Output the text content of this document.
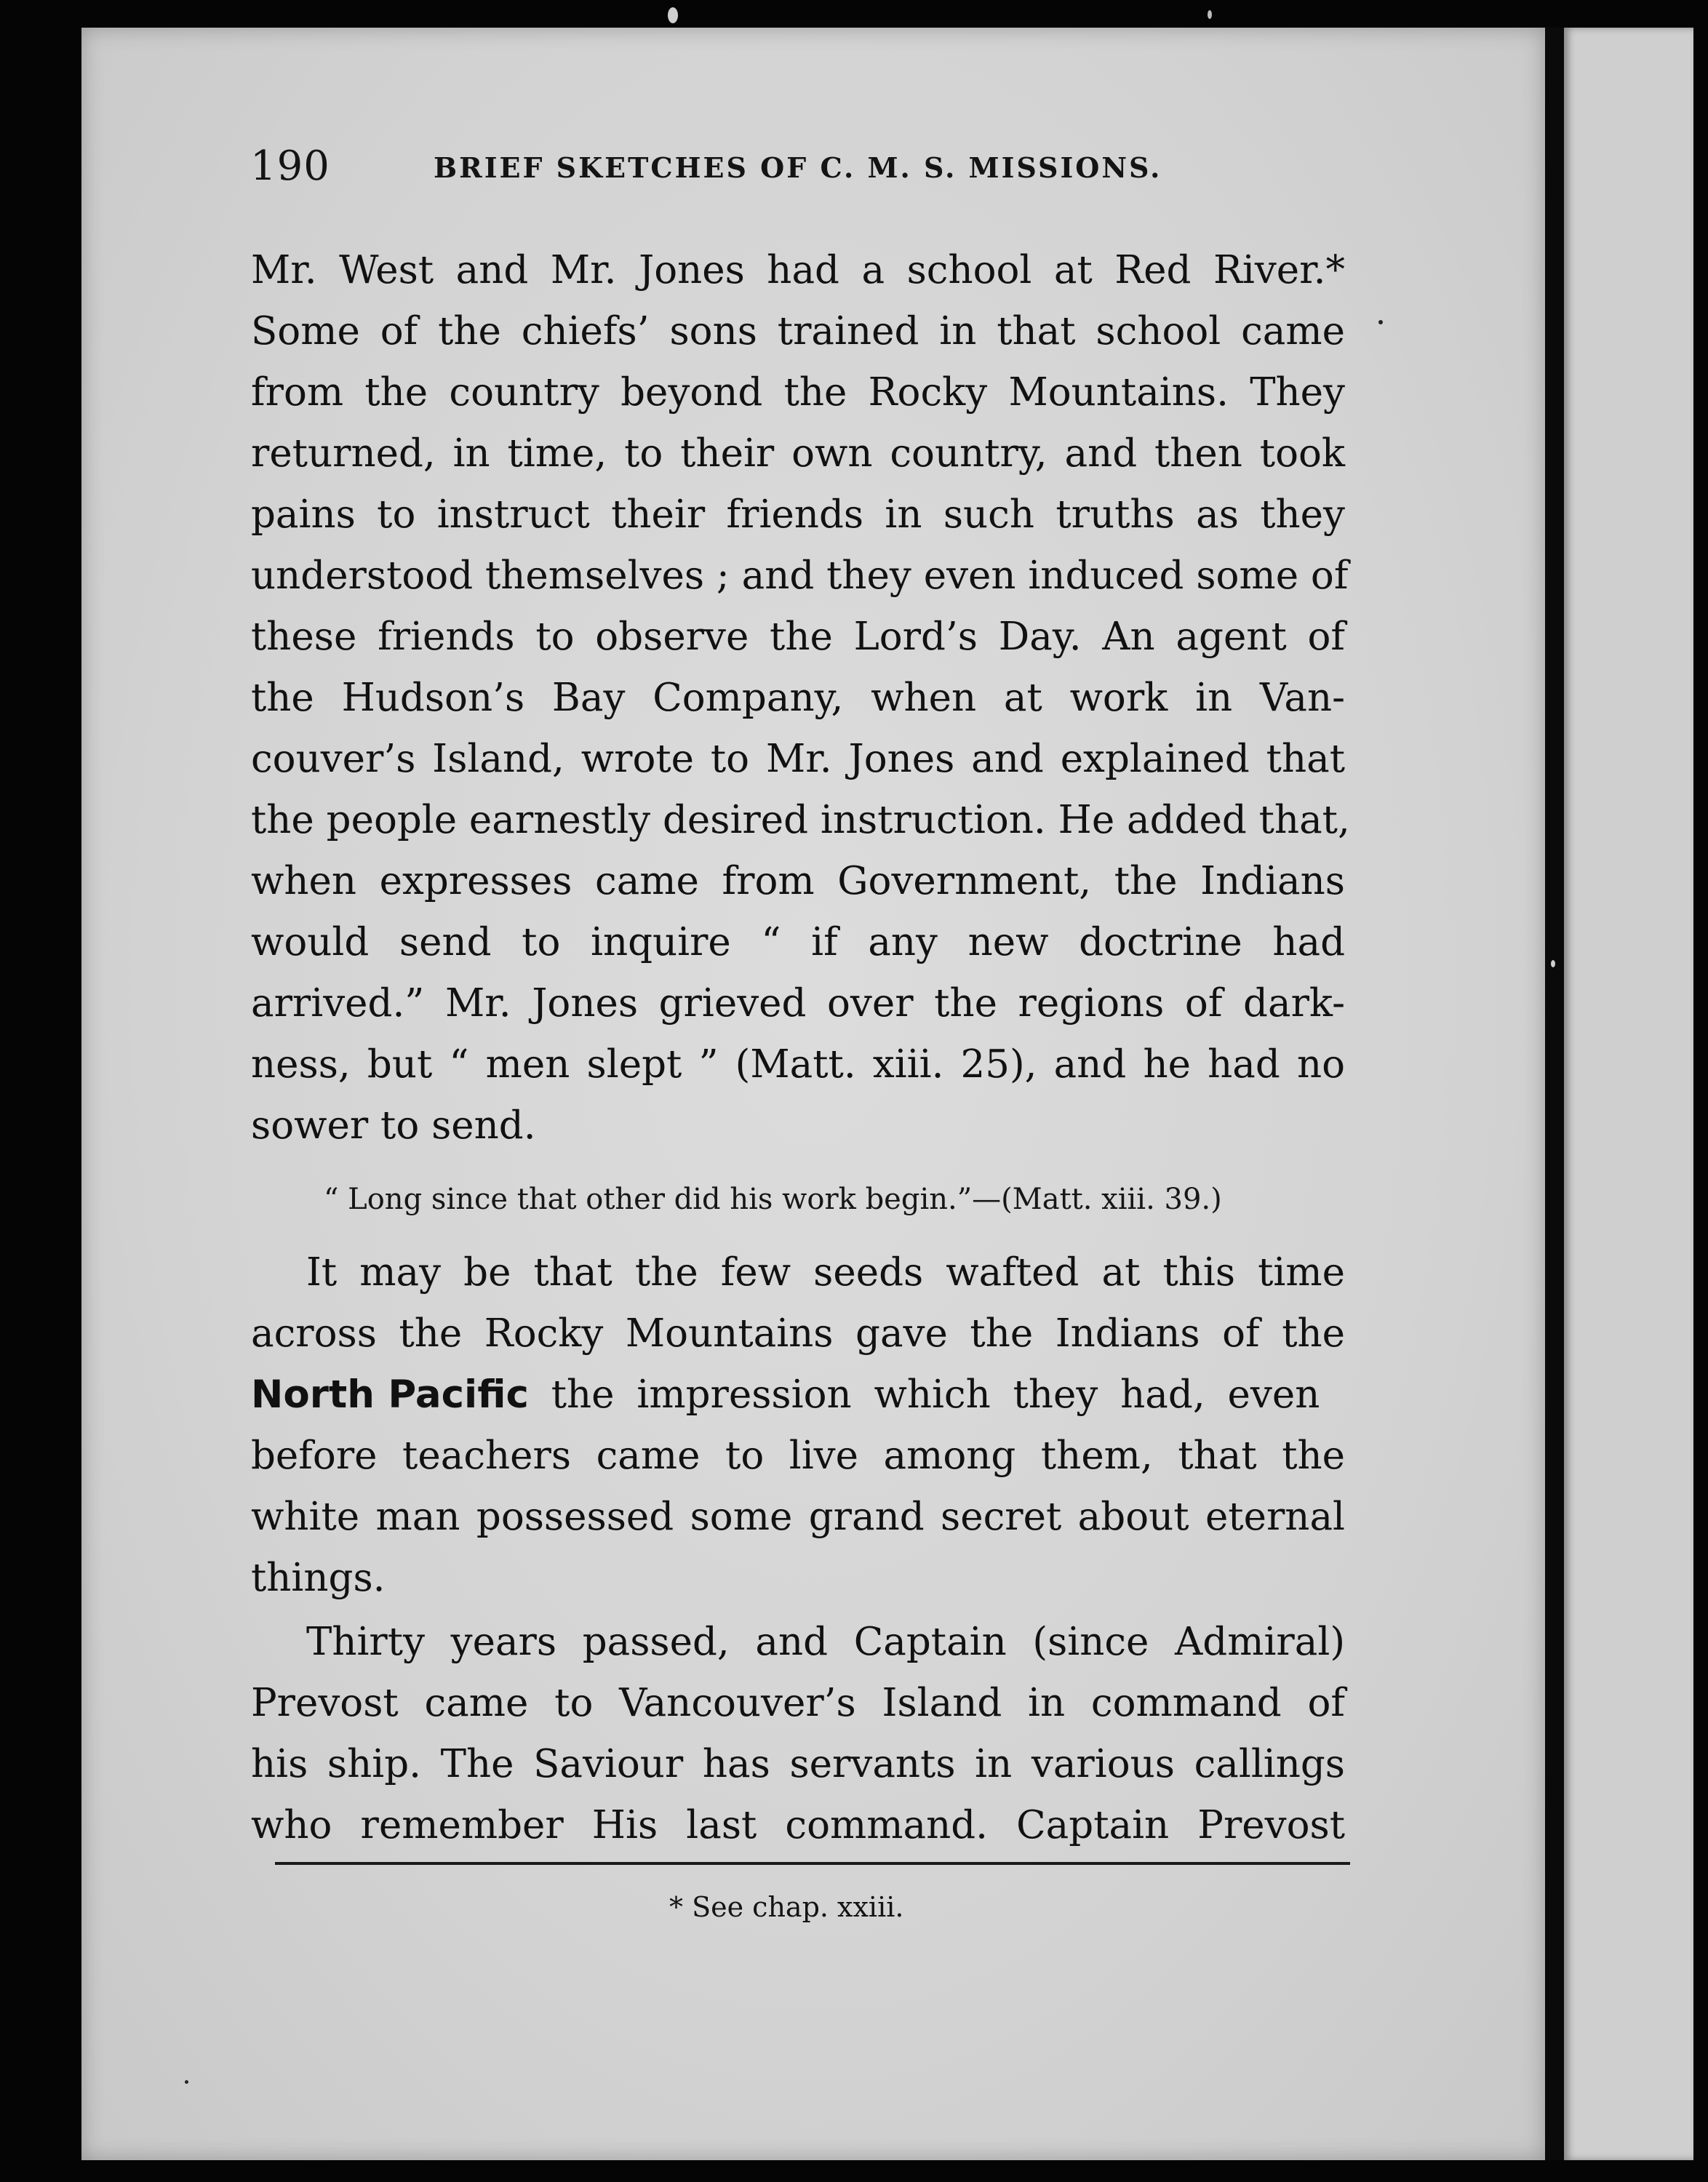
190	BRIEF SKETCHES OF C. M. S. MISSIONS.
Mr. West and Mr. Jones had a school at Red River.*
Some of the chiefs’ sons trained in that school came
from the country beyond the Rocky Mountains. They
returned, in time, to their own country, and then took
pains to instruct their friends in such truths as they
understood themselves ; and they even induced some of
these friends to observe the Lord’s Day. An agent of
the Hudson’s Bay Company, when at work in Van-
couver’s Island, wrote to Mr. Jones and explained that
the people earnestly desired instruction. He added that,
when expresses came from Government, the Indians
would send to inquire “ if any new doctrine had
arrived.” Mr. Jones grieved over the regions of dark-
ness, but “ men slept ” (Matt. xiii. 25), and he had no
sower to send.
“ Long since that other did his work begin.”—(Matt. xiii. 39.)
It may be that the few seeds wafted at this time
across the Rocky Mountains gave the Indians of the
North Pacific the impression which they had, even
before teachers came to live among them, that the
white man possessed some grand secret about eternal
things.
Thirty years passed, and Captain (since Admiral)
Prevost came to Vancouver’s Island in command of
his ship. The Saviour has servants in various callings
who remember His last command. Captain Prevost
* See chap. xxiii.
